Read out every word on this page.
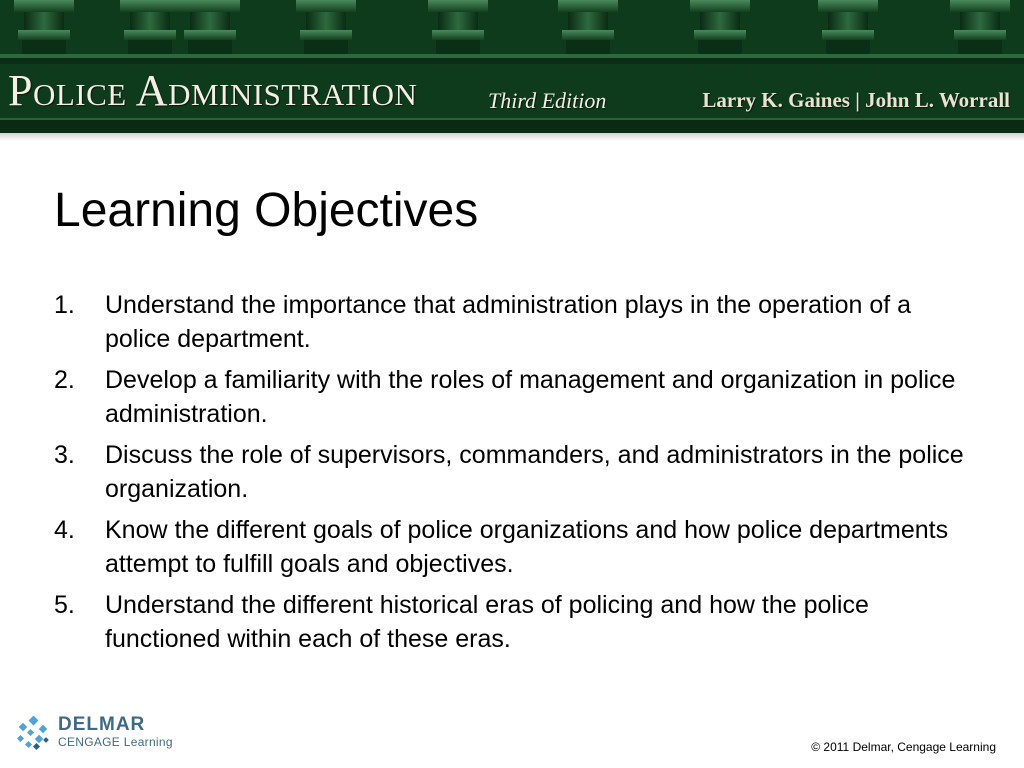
Police Administration	Third Edition	Larry K. Gaines | John L. Worrall
Learning Objectives
1. Understand the importance that administration plays in the operation of a police department.
2. Develop a familiarity with the roles of management and organization in police administration.
3. Discuss the role of supervisors, commanders, and administrators in the police organization.
4. Know the different goals of police organizations and how police departments attempt to fulfill goals and objectives.
5. Understand the different historical eras of policing and how the police functioned within each of these eras.
DELMAR
CENGAGE Learning	© 2011 Delmar, Cengage Learning
